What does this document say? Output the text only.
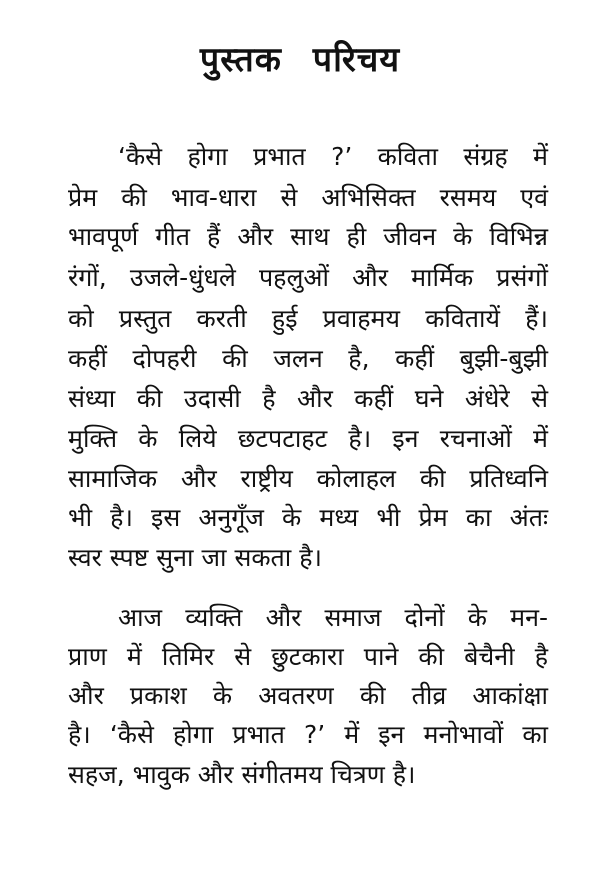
पुस्तक परिचय
‘कैसे होगा प्रभात ?’ कविता संग्रह में
प्रेम की भाव-धारा से अभिसिक्त रसमय एवं
भावपूर्ण गीत हैं और साथ ही जीवन के विभिन्न
रंगों, उजले-धुंधले पहलुओं और मार्मिक प्रसंगों
को प्रस्तुत करती हुई प्रवाहमय कवितायें हैं।
कहीं दोपहरी की जलन है, कहीं बुझी-बुझी
संध्या की उदासी है और कहीं घने अंधेरे से
मुक्ति के लिये छटपटाहट है। इन रचनाओं में
सामाजिक और राष्ट्रीय कोलाहल की प्रतिध्वनि
भी है। इस अनुगूँज के मध्य भी प्रेम का अंतः
स्वर स्पष्ट सुना जा सकता है।
आज व्यक्ति और समाज दोनों के मन-
प्राण में तिमिर से छुटकारा पाने की बेचैनी है
और प्रकाश के अवतरण की तीव्र आकांक्षा
है। ‘कैसे होगा प्रभात ?’ में इन मनोभावों का
सहज, भावुक और संगीतमय चित्रण है।
